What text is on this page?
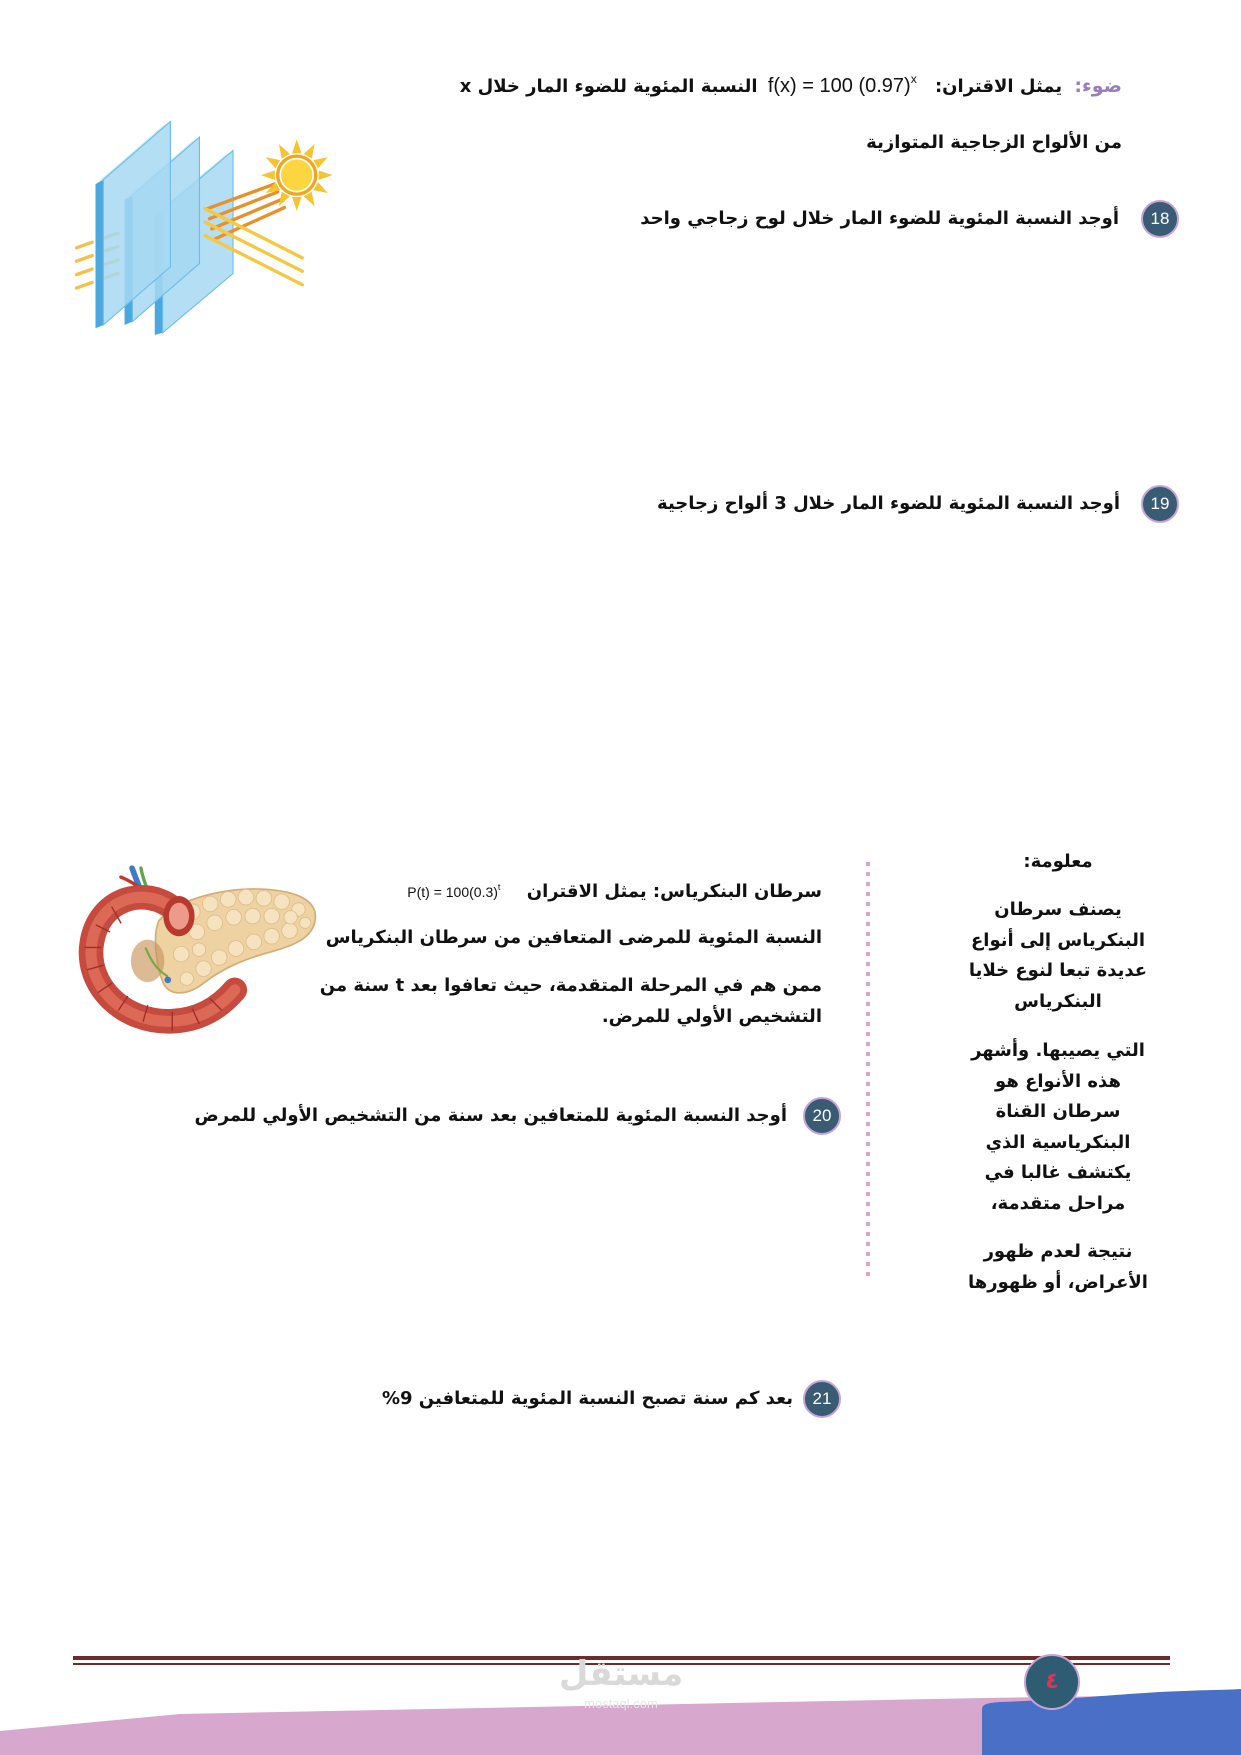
ضوء: يمثل الاقتران: f(x) = 100 $(0.97)^x$ النسبة المئوية للضوء المار خلال x
من الألواح الزجاجية المتوازية
18
أوجد النسبة المئوية للضوء المار خلال لوح زجاجي واحد
19
أوجد النسبة المئوية للضوء المار خلال 3 ألواح زجاجية
معلومة:
يصنف سرطان
البنكرياس إلى أنواع
عديدة تبعا لنوع خلايا
البنكرياس
التي يصيبها. وأشهر
هذه الأنواع هو
سرطان القناة
البنكرياسية الذي
يكتشف غالبا في
مراحل متقدمة،
نتيجة لعدم ظهور
الأعراض، أو ظهورها
سرطان البنكرياس: يمثل الاقتران $P(t) = 100(0.3)^t$
النسبة المئوية للمرضى المتعافين من سرطان البنكرياس
ممن هم في المرحلة المتقدمة، حيث تعافوا بعد t سنة من
التشخيص الأولي للمرض.
20
أوجد النسبة المئوية للمتعافين بعد سنة من التشخيص الأولي للمرض
21
بعد كم سنة تصبح النسبة المئوية للمتعافين 9%
مستقل
mostaql.com
٤
